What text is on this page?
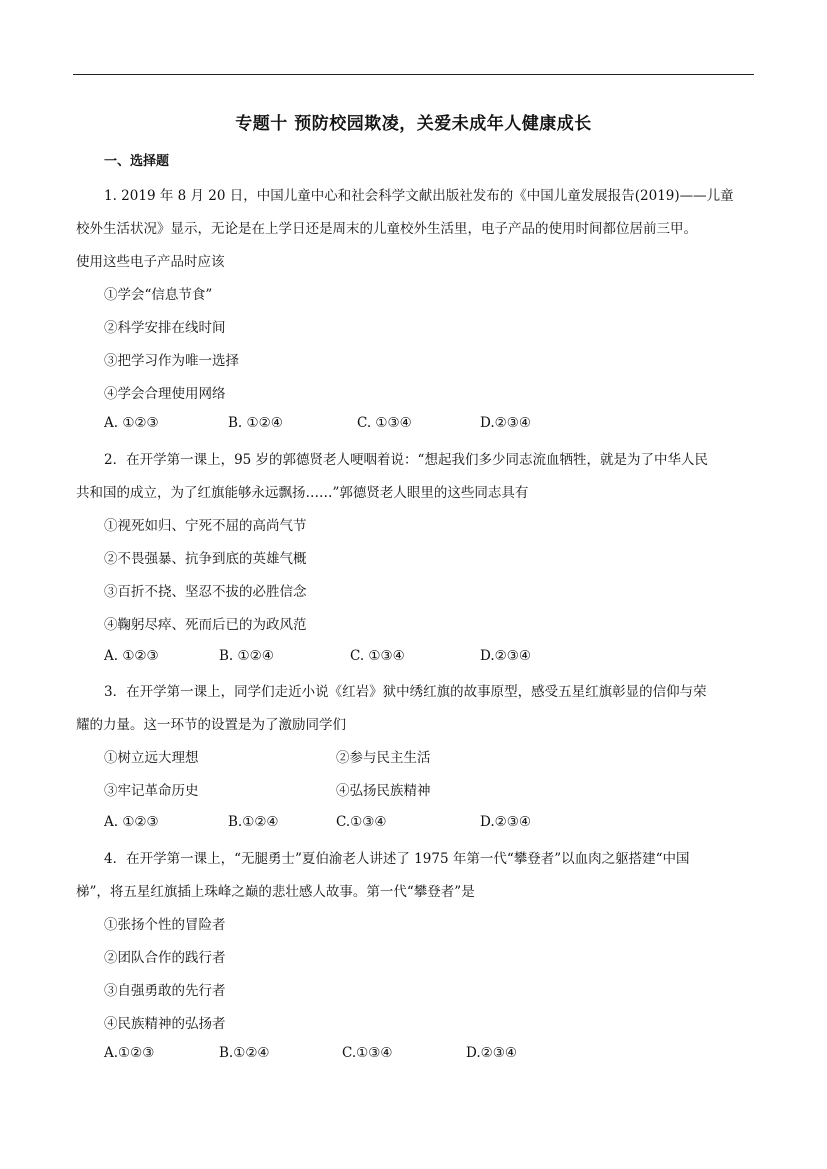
专题十 预防校园欺凌，关爱未成年人健康成长
一、选择题
1. 2019 年 8 月 20 日，中国儿童中心和社会科学文献出版社发布的《中国儿童发展报告(2019)——儿童
校外生活状况》显示，无论是在上学日还是周末的儿童校外生活里，电子产品的使用时间都位居前三甲。
使用这些电子产品时应该
①学会“信息节食”
②科学安排在线时间
③把学习作为唯一选择
④学会合理使用网络
A. ①②③	B. ①②④	C. ①③④	D.②③④
2．在开学第一课上，95 岁的郭德贤老人哽咽着说：“想起我们多少同志流血牺牲，就是为了中华人民
共和国的成立，为了红旗能够永远飘扬……”郭德贤老人眼里的这些同志具有
①视死如归、宁死不屈的高尚气节
②不畏强暴、抗争到底的英雄气概
③百折不挠、坚忍不拔的必胜信念
④鞠躬尽瘁、死而后已的为政风范
A. ①②③	B. ①②④	C. ①③④	D.②③④
3．在开学第一课上，同学们走近小说《红岩》狱中绣红旗的故事原型，感受五星红旗彰显的信仰与荣
耀的力量。这一环节的设置是为了激励同学们
①树立远大理想	②参与民主生活
③牢记革命历史	④弘扬民族精神
A. ①②③	B.①②④	C.①③④	D.②③④
4．在开学第一课上，“无腿勇士”夏伯渝老人讲述了 1975 年第一代“攀登者”以血肉之躯搭建“中国
梯”，将五星红旗插上珠峰之巅的悲壮感人故事。第一代“攀登者”是
①张扬个性的冒险者
②团队合作的践行者
③自强勇敢的先行者
④民族精神的弘扬者
A.①②③	B.①②④	C.①③④	D.②③④
